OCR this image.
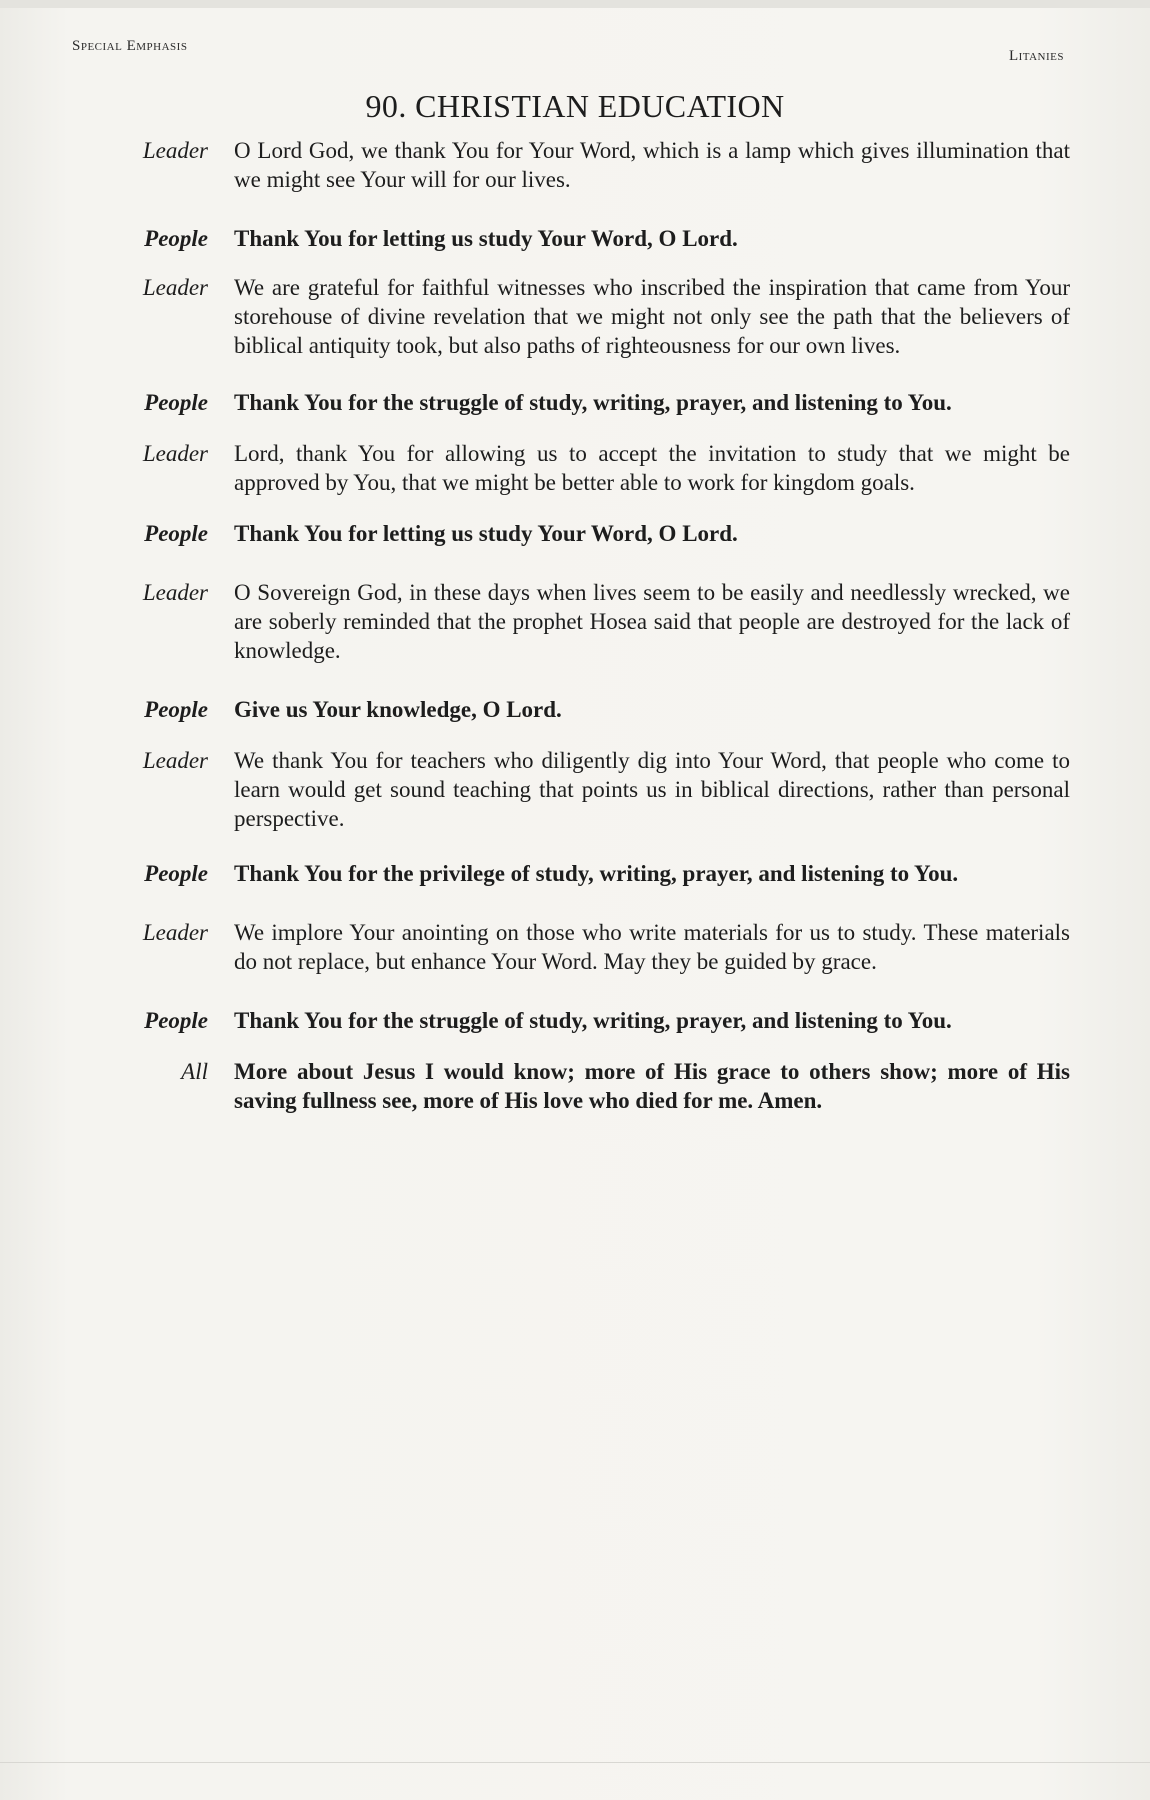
Special Emphasis
Litanies
90. CHRISTIAN EDUCATION
Leader	O Lord God, we thank You for Your Word, which is a lamp which gives illumination that we might see Your will for our lives.
People	Thank You for letting us study Your Word, O Lord.
Leader	We are grateful for faithful witnesses who inscribed the inspiration that came from Your storehouse of divine revelation that we might not only see the path that the believers of biblical antiquity took, but also paths of righteousness for our own lives.
People	Thank You for the struggle of study, writing, prayer, and listening to You.
Leader	Lord, thank You for allowing us to accept the invitation to study that we might be approved by You, that we might be better able to work for kingdom goals.
People	Thank You for letting us study Your Word, O Lord.
Leader	O Sovereign God, in these days when lives seem to be easily and needlessly wrecked, we are soberly reminded that the prophet Hosea said that people are destroyed for the lack of knowledge.
People	Give us Your knowledge, O Lord.
Leader	We thank You for teachers who diligently dig into Your Word, that people who come to learn would get sound teaching that points us in biblical directions, rather than personal perspective.
People	Thank You for the privilege of study, writing, prayer, and listening to You.
Leader	We implore Your anointing on those who write materials for us to study. These materials do not replace, but enhance Your Word. May they be guided by grace.
People	Thank You for the struggle of study, writing, prayer, and listening to You.
All	More about Jesus I would know; more of His grace to others show; more of His saving fullness see, more of His love who died for me. Amen.
